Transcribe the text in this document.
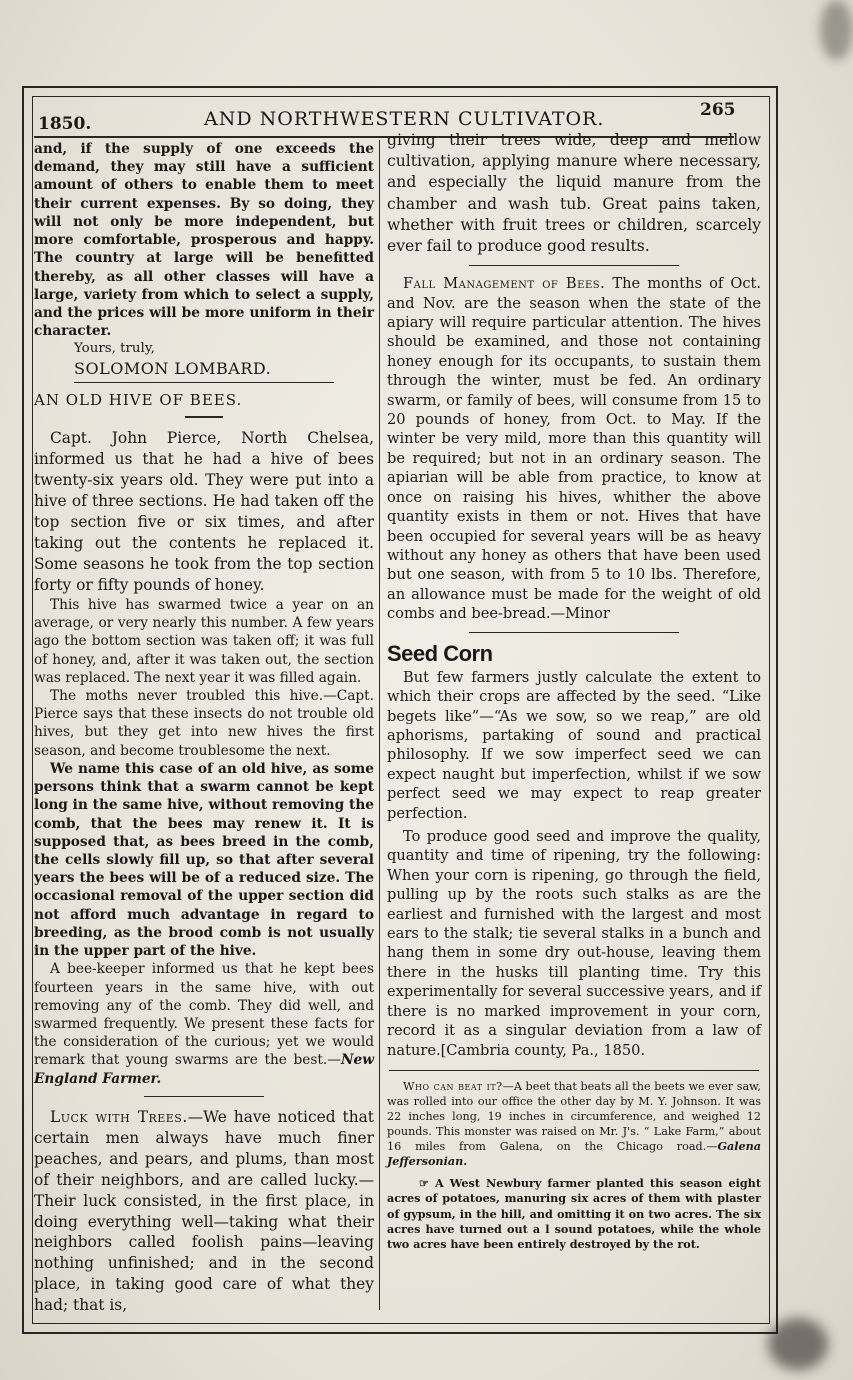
1850.	AND NORTHWESTERN CULTIVATOR.	265

and, if the supply of one exceeds the demand, they may still have a sufficient amount of others to enable them to meet their current expenses. By so doing, they will not only be more independent, but more comfortable, prosperous and happy. The country at large will be benefitted thereby, as all other classes will have a large, variety from which to select a supply, and the prices will be more uniform in their character.

Yours, truly,

SOLOMON LOMBARD.

AN OLD HIVE OF BEES.

Capt. John Pierce, North Chelsea, informed us that he had a hive of bees twenty-six years old. They were put into a hive of three sections. He had taken off the top section five or six times, and after taking out the contents he replaced it. Some seasons he took from the top section forty or fifty pounds of honey.

This hive has swarmed twice a year on an average, or very nearly this number. A few years ago the bottom section was taken off; it was full of honey, and, after it was taken out, the section was replaced. The next year it was filled again.

The moths never troubled this hive.—Capt. Pierce says that these insects do not trouble old hives, but they get into new hives the first season, and become troublesome the next.

We name this case of an old hive, as some persons think that a swarm cannot be kept long in the same hive, without removing the comb, that the bees may renew it. It is supposed that, as bees breed in the comb, the cells slowly fill up, so that after several years the bees will be of a reduced size. The occasional removal of the upper section did not afford much advantage in regard to breeding, as the brood comb is not usually in the upper part of the hive.

A bee-keeper informed us that he kept bees fourteen years in the same hive, with out removing any of the comb. They did well, and swarmed frequently. We present these facts for the consideration of the curious; yet we would remark that young swarms are the best.—New England Farmer.

Luck with Trees.—We have noticed that certain men always have much finer peaches, and pears, and plums, than most of their neighbors, and are called lucky.—Their luck consisted, in the first place, in doing everything well—taking what their neighbors called foolish pains—leaving nothing unfinished; and in the second place, in taking good care of what they had; that is,

giving their trees wide, deep and mellow cultivation, applying manure where necessary, and especially the liquid manure from the chamber and wash tub. Great pains taken, whether with fruit trees or children, scarcely ever fail to produce good results.

Fall Management of Bees. The months of Oct. and Nov. are the season when the state of the apiary will require particular attention. The hives should be examined, and those not containing honey enough for its occupants, to sustain them through the winter, must be fed. An ordinary swarm, or family of bees, will consume from 15 to 20 pounds of honey, from Oct. to May. If the winter be very mild, more than this quantity will be required; but not in an ordinary season. The apiarian will be able from practice, to know at once on raising his hives, whither the above quantity exists in them or not. Hives that have been occupied for several years will be as heavy without any honey as others that have been used but one season, with from 5 to 10 lbs. Therefore, an allowance must be made for the weight of old combs and bee-bread.—Minor

Seed Corn

But few farmers justly calculate the extent to which their crops are affected by the seed. “Like begets like”—“As we sow, so we reap,” are old aphorisms, partaking of sound and practical philosophy. If we sow imperfect seed we can expect naught but imperfection, whilst if we sow perfect seed we may expect to reap greater perfection.

To produce good seed and improve the quality, quantity and time of ripening, try the following: When your corn is ripening, go through the field, pulling up by the roots such stalks as are the earliest and furnished with the largest and most ears to the stalk; tie several stalks in a bunch and hang them in some dry out-house, leaving them there in the husks till planting time. Try this experimentally for several successive years, and if there is no marked improvement in your corn, record it as a singular deviation from a law of nature.[Cambria county, Pa., 1850.

Who can beat it?—A beet that beats all the beets we ever saw, was rolled into our office the other day by M. Y. Johnson. It was 22 inches long, 19 inches in circumference, and weighed 12 pounds. This monster was raised on Mr. J's. “ Lake Farm,” about 16 miles from Galena, on the Chicago road.—Galena Jeffersonian.

☞ A West Newbury farmer planted this season eight acres of potatoes, manuring six acres of them with plaster of gypsum, in the hill, and omitting it on two acres. The six acres have turned out a l sound potatoes, while the whole two acres have been entirely destroyed by the rot.
